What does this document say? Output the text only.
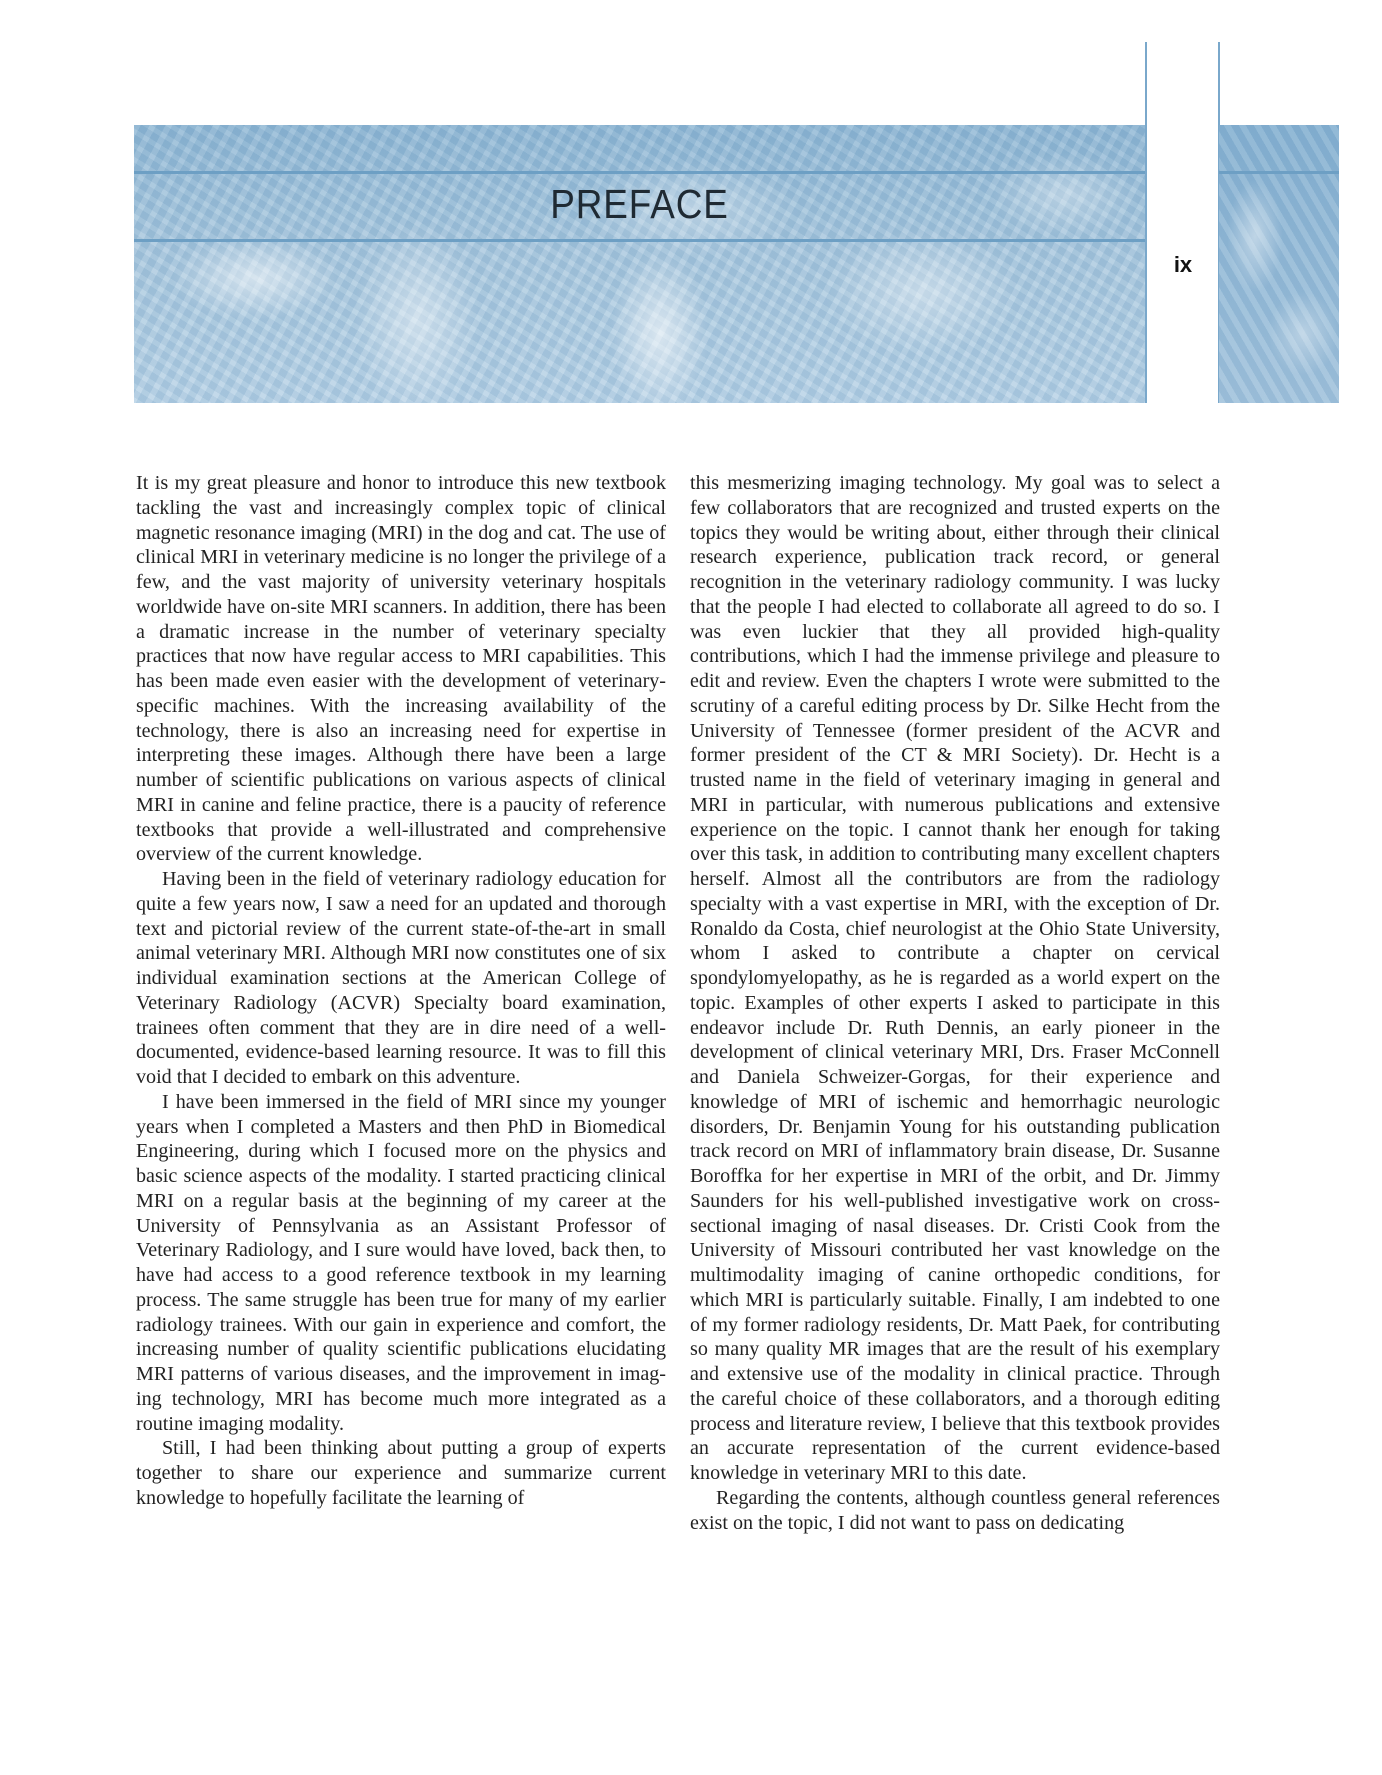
PREFACE
ix

It is my great pleasure and honor to introduce this new textbook tackling the vast and increasingly complex topic of clinical magnetic resonance imaging (MRI) in the dog and cat. The use of clinical MRI in veterinary medicine is no longer the privilege of a few, and the vast majority of university veterinary hospitals worldwide have on-site MRI scanners. In addition, there has been a dramatic increase in the number of veterinary specialty practices that now have regular access to MRI capabilities. This has been made even easier with the development of veterinary-specific machines. With the increasing availability of the technology, there is also an increasing need for expertise in interpreting these images. Although there have been a large number of scientific publications on various aspects of clinical MRI in canine and feline practice, there is a paucity of reference textbooks that provide a well-illustrated and comprehensive overview of the current knowledge.

Having been in the field of veterinary radiology education for quite a few years now, I saw a need for an updated and thorough text and pictorial review of the current state-of-the-art in small animal veterinary MRI. Although MRI now constitutes one of six individual examination sections at the American College of Veterinary Radiology (ACVR) Specialty board examination, trainees often comment that they are in dire need of a well-documented, evidence-based learning resource. It was to fill this void that I decided to embark on this adventure.

I have been immersed in the field of MRI since my younger years when I completed a Masters and then PhD in Biomedical Engineering, during which I focused more on the physics and basic science aspects of the modality. I started practicing clinical MRI on a regular basis at the beginning of my career at the University of Pennsylvania as an Assistant Professor of Veterinary Radiology, and I sure would have loved, back then, to have had access to a good reference textbook in my learning process. The same struggle has been true for many of my earlier radiology trainees. With our gain in experience and comfort, the increasing number of quality scientific publications elucidating MRI patterns of various diseases, and the improvement in imaging technology, MRI has become much more integrated as a routine imaging modality.

Still, I had been thinking about putting a group of experts together to share our experience and summarize current knowledge to hopefully facilitate the learning of

this mesmerizing imaging technology. My goal was to select a few collaborators that are recognized and trusted experts on the topics they would be writing about, either through their clinical research experience, publication track record, or general recognition in the veterinary radiology community. I was lucky that the people I had elected to collaborate all agreed to do so. I was even luckier that they all provided high-quality contributions, which I had the immense privilege and pleasure to edit and review. Even the chapters I wrote were submitted to the scrutiny of a careful editing process by Dr. Silke Hecht from the University of Tennessee (former president of the ACVR and former president of the CT & MRI Society). Dr. Hecht is a trusted name in the field of veterinary imaging in general and MRI in particular, with numerous publications and extensive experience on the topic. I cannot thank her enough for taking over this task, in addition to contributing many excellent chapters herself. Almost all the contributors are from the radiology specialty with a vast expertise in MRI, with the exception of Dr. Ronaldo da Costa, chief neurologist at the Ohio State University, whom I asked to contribute a chapter on cervical spondylomyelopathy, as he is regarded as a world expert on the topic. Examples of other experts I asked to participate in this endeavor include Dr. Ruth Dennis, an early pioneer in the development of clinical veterinary MRI, Drs. Fraser McConnell and Daniela Schweizer-Gorgas, for their experience and knowledge of MRI of ischemic and hemorrhagic neurologic disorders, Dr. Benjamin Young for his outstanding publication track record on MRI of inflammatory brain disease, Dr. Susanne Boroffka for her expertise in MRI of the orbit, and Dr. Jimmy Saunders for his well-published investigative work on cross-sectional imaging of nasal diseases. Dr. Cristi Cook from the University of Missouri contributed her vast knowledge on the multimodality imaging of canine orthopedic conditions, for which MRI is particularly suitable. Finally, I am indebted to one of my former radiology residents, Dr. Matt Paek, for contributing so many quality MR images that are the result of his exemplary and extensive use of the modality in clinical practice. Through the careful choice of these collaborators, and a thorough editing process and literature review, I believe that this textbook provides an accurate representation of the current evidence-based knowledge in veterinary MRI to this date.

Regarding the contents, although countless general references exist on the topic, I did not want to pass on dedicating
